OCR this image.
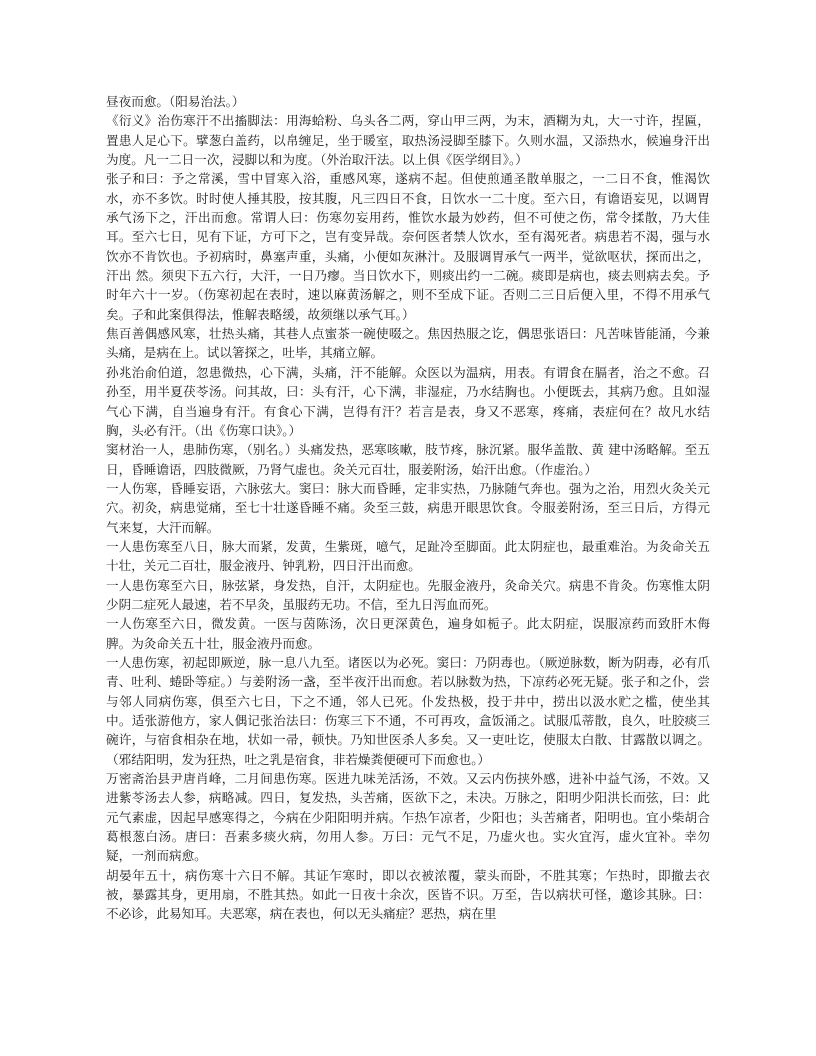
昼夜而愈。（阳易治法。）

《衍义》治伤寒汗不出搐脚法：用海蛤粉、乌头各二两，穿山甲三两，为末，酒糊为丸，大一寸许，捏匾，置患人足心下。擘葱白盖药，以帛缠足，坐于暖室，取热汤浸脚至膝下。久则水温，又添热水，候遍身汗出为度。凡一二日一次，浸脚以和为度。（外治取汗法。以上俱《医学纲目》。）

张子和曰：予之常溪，雪中冒寒入浴，重感风寒，遂病不起。但使煎通圣散单服之，一二日不食，惟渴饮水，亦不多饮。时时使人捶其股，按其腹，凡三四日不食，日饮水一二十度。至六日，有谵语妄见，以调胃承气汤下之，汗出而愈。常谓人曰：伤寒勿妄用药，惟饮水最为妙药，但不可使之伤，常令揉散，乃大佳耳。至六七日，见有下证，方可下之，岂有变异哉。奈何医者禁人饮水，至有渴死者。病患若不渴，强与水饮亦不肯饮也。予初病时，鼻塞声重，头痛，小便如灰淋汁。及服调胃承气一两半，觉欲呕状，探而出之，汗出 然。须臾下五六行，大汗，一日乃瘳。当日饮水下，则痰出约一二碗。痰即是病也，痰去则病去矣。予时年六十一岁。（伤寒初起在表时，速以麻黄汤解之，则不至成下证。否则二三日后便入里，不得不用承气矣。子和此案俱得法，惟解表略缓，故须继以承气耳。）

焦百善偶感风寒，壮热头痛，其巷人点蜜茶一碗使啜之。焦因热服之讫，偶思张语曰：凡苦味皆能涌，今兼头痛，是病在上。试以箸探之，吐毕，其痛立解。

孙兆治俞伯道，忽患微热，心下满，头痛，汗不能解。众医以为温病，用表。有谓食在膈者，治之不愈。召孙至，用半夏茯苓汤。问其故，曰：头有汗，心下满，非湿症，乃水结胸也。小便既去，其病乃愈。且如湿气心下满，自当遍身有汗。有食心下满，岂得有汗？若言是表，身又不恶寒，疼痛，表症何在？故凡水结胸，头必有汗。（出《伤寒口诀》。）

窦材治一人，患肺伤寒，（别名。）头痛发热，恶寒咳嗽，肢节疼，脉沉紧。服华盖散、黄 建中汤略解。至五日，昏睡谵语，四肢微厥，乃肾气虚也。灸关元百壮，服姜附汤，始汗出愈。（作虚治。）

一人伤寒，昏睡妄语，六脉弦大。窦曰：脉大而昏睡，定非实热，乃脉随气奔也。强为之治，用烈火灸关元穴。初灸，病患觉痛，至七十壮遂昏睡不痛。灸至三鼓，病患开眼思饮食。令服姜附汤，至三日后，方得元气来复，大汗而解。

一人患伤寒至八日，脉大而紧，发黄，生紫斑，噫气，足趾冷至脚面。此太阴症也，最重难治。为灸命关五十壮，关元二百壮，服金液丹、钟乳粉，四日汗出而愈。

一人患伤寒至六日，脉弦紧，身发热，自汗，太阴症也。先服金液丹，灸命关穴。病患不肯灸。伤寒惟太阴少阴二症死人最速，若不早灸，虽服药无功。不信，至九日泻血而死。

一人伤寒至六日，微发黄。一医与茵陈汤，次日更深黄色，遍身如栀子。此太阴症，误服凉药而致肝木侮脾。为灸命关五十壮，服金液丹而愈。

一人患伤寒，初起即厥逆，脉一息八九至。诸医以为必死。窦曰：乃阴毒也。（厥逆脉数，断为阴毒，必有爪青、吐利、蜷卧等症。）与姜附汤一盏，至半夜汗出而愈。若以脉数为热，下凉药必死无疑。张子和之仆，尝与邻人同病伤寒，俱至六七日，下之不通，邻人已死。仆发热极，投于井中，捞出以汲水贮之槛，使坐其中。适张游他方，家人偶记张治法曰：伤寒三下不通，不可再攻，盒饭涌之。试服瓜蒂散，良久，吐胶痰三碗许，与宿食相杂在地，状如一帚，顿快。乃知世医杀人多矣。又一吏吐讫，使服太白散、甘露散以调之。（邪结阳明，发为狂热，吐之乳是宿食，非若燥粪便硬可下而愈也。）

万密斋治县尹唐肖峰，二月间患伤寒。医进九味羌活汤，不效。又云内伤挟外感，进补中益气汤，不效。又进紫苓汤去人参，病略减。四日，复发热，头苦痛，医欲下之，未决。万脉之，阳明少阳洪长而弦，曰：此元气素虚，因起早感寒得之，今病在少阳阳明并病。乍热乍凉者，少阳也；头苦痛者，阳明也。宜小柴胡合葛根葱白汤。唐曰：吾素多痰火病，勿用人参。万曰：元气不足，乃虚火也。实火宜泻，虚火宜补。幸勿疑，一剂而病愈。

胡晏年五十，病伤寒十六日不解。其证乍寒时，即以衣被浓覆，蒙头而卧，不胜其寒；乍热时，即撤去衣被，暴露其身，更用扇，不胜其热。如此一日夜十余次，医皆不识。万至，告以病状可怪，邀诊其脉。曰：不必诊，此易知耳。夫恶寒，病在表也，何以无头痛症？恶热，病在里
